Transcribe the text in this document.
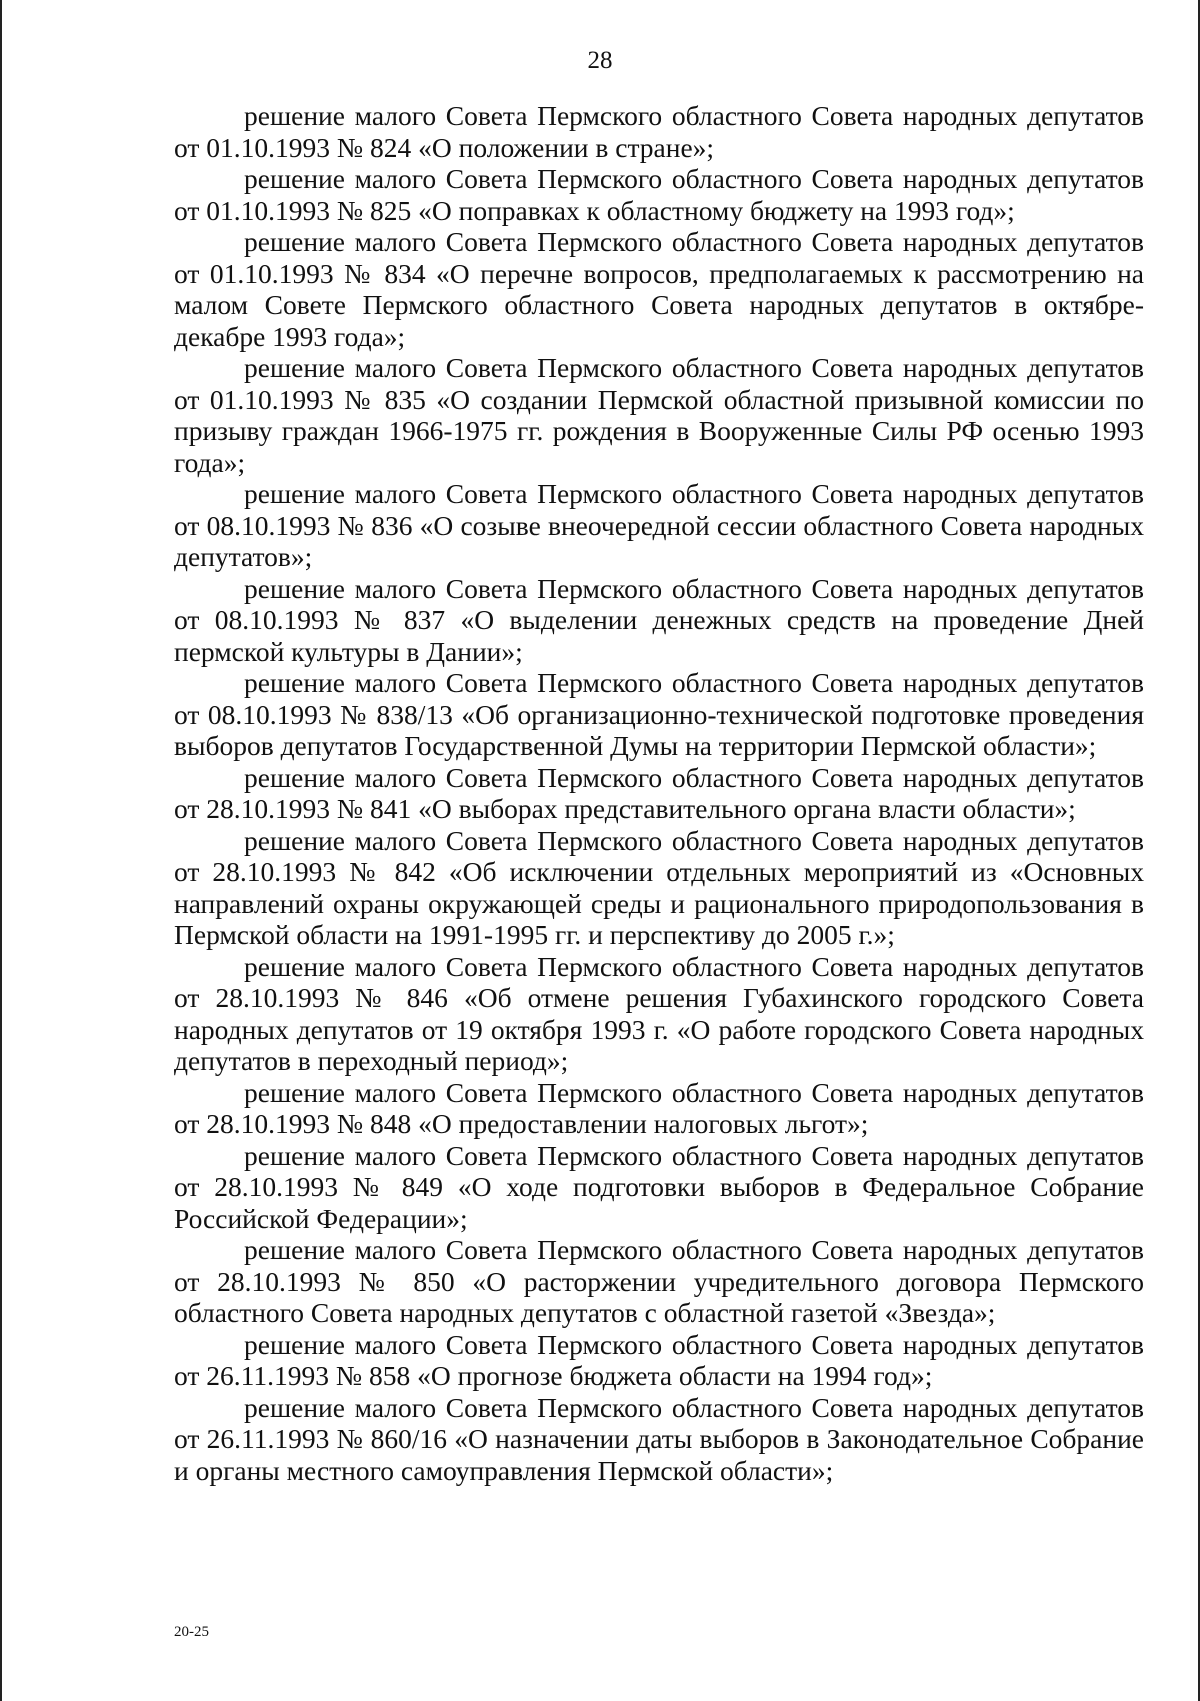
28

решение малого Совета Пермского областного Совета народных депутатов от 01.10.1993 № 824 «О положении в стране»;

решение малого Совета Пермского областного Совета народных депутатов от 01.10.1993 № 825 «О поправках к областному бюджету на 1993 год»;

решение малого Совета Пермского областного Совета народных депутатов от 01.10.1993 № 834 «О перечне вопросов, предполагаемых к рассмотрению на малом Совете Пермского областного Совета народных депутатов в октябре-декабре 1993 года»;

решение малого Совета Пермского областного Совета народных депутатов от 01.10.1993 № 835 «О создании Пермской областной призывной комиссии по призыву граждан 1966-1975 гг. рождения в Вооруженные Силы РФ осенью 1993 года»;

решение малого Совета Пермского областного Совета народных депутатов от 08.10.1993 № 836 «О созыве внеочередной сессии областного Совета народных депутатов»;

решение малого Совета Пермского областного Совета народных депутатов от 08.10.1993 № 837 «О выделении денежных средств на проведение Дней пермской культуры в Дании»;

решение малого Совета Пермского областного Совета народных депутатов от 08.10.1993 № 838/13 «Об организационно-технической подготовке проведения выборов депутатов Государственной Думы на территории Пермской области»;

решение малого Совета Пермского областного Совета народных депутатов от 28.10.1993 № 841 «О выборах представительного органа власти области»;

решение малого Совета Пермского областного Совета народных депутатов от 28.10.1993 № 842 «Об исключении отдельных мероприятий из «Основных направлений охраны окружающей среды и рационального природопользования в Пермской области на 1991-1995 гг. и перспективу до 2005 г.»;

решение малого Совета Пермского областного Совета народных депутатов от 28.10.1993 № 846 «Об отмене решения Губахинского городского Совета народных депутатов от 19 октября 1993 г. «О работе городского Совета народных депутатов в переходный период»;

решение малого Совета Пермского областного Совета народных депутатов от 28.10.1993 № 848 «О предоставлении налоговых льгот»;

решение малого Совета Пермского областного Совета народных депутатов от 28.10.1993 № 849 «О ходе подготовки выборов в Федеральное Собрание Российской Федерации»;

решение малого Совета Пермского областного Совета народных депутатов от 28.10.1993 № 850 «О расторжении учредительного договора Пермского областного Совета народных депутатов с областной газетой «Звезда»;

решение малого Совета Пермского областного Совета народных депутатов от 26.11.1993 № 858 «О прогнозе бюджета области на 1994 год»;

решение малого Совета Пермского областного Совета народных депутатов от 26.11.1993 № 860/16 «О назначении даты выборов в Законодательное Собрание и органы местного самоуправления Пермской области»;

20-25
